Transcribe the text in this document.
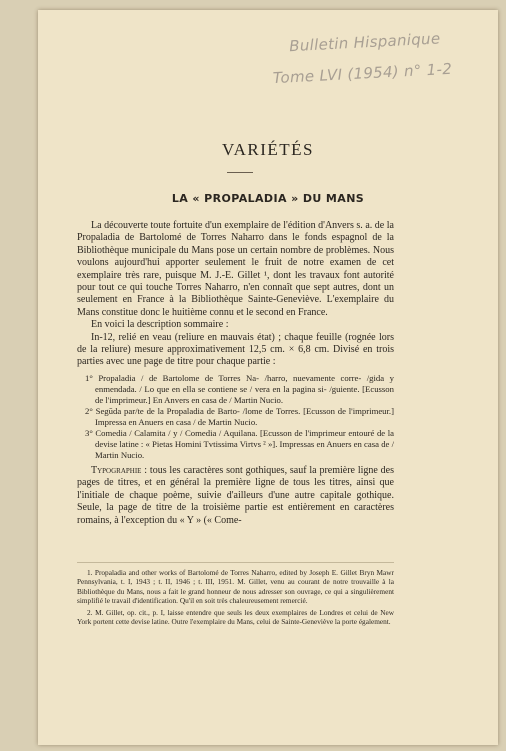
Bulletin Hispanique
Tome LVI (1954) n° 1-2
VARIÉTÉS
LA « PROPALADIA » DU MANS

La découverte toute fortuite d'un exemplaire de l'édition d'Anvers s. a. de la Propaladia de Bartolomé de Torres Naharro dans le fonds espagnol de la Bibliothèque municipale du Mans pose un certain nombre de problèmes. Nous voulons aujourd'hui apporter seulement le fruit de notre examen de cet exemplaire très rare, puisque M. J.-E. Gillet ¹, dont les travaux font autorité pour tout ce qui touche Torres Naharro, n'en connaît que sept autres, dont un seulement en France à la Bibliothèque Sainte-Geneviève. L'exemplaire du Mans constitue donc le huitième connu et le second en France.

En voici la description sommaire :

In-12, relié en veau (reliure en mauvais état) ; chaque feuille (rognée lors de la reliure) mesure approximativement 12,5 cm. × 6,8 cm. Divisé en trois parties avec une page de titre pour chaque partie :

1° Propaladia / de Bartolome de Torres Na- /harro, nuevamente corre- /gida y enmendada. / Lo que en ella se contiene se / vera en la pagina si- /guiente. [Ecusson de l'imprimeur.] En Anvers en casa de / Martin Nucio.
2° Segūda par/te de la Propaladia de Barto- /lome de Torres. [Ecusson de l'imprimeur.] Impressa en Anuers en casa / de Martin Nucio.
3° Comedia / Calamita / y / Comedia / Aquilana. [Ecusson de l'imprimeur entouré de la devise latine : « Pietas Homini Tvtissima Virtvs ² »]. Impressas en Anuers en casa de / Martin Nucio.

Typographie : tous les caractères sont gothiques, sauf la première ligne des pages de titres, et en général la première ligne de tous les titres, ainsi que l'initiale de chaque poème, suivie d'ailleurs d'une autre capitale gothique. Seule, la page de titre de la troisième partie est entièrement en caractères romains, à l'exception du « Y » (« Come-

1. Propaladia and other works of Bartolomé de Torres Naharro, edited by Joseph E. Gillet Bryn Mawr Pennsylvania, t. I, 1943 ; t. II, 1946 ; t. III, 1951. M. Gillet, venu au courant de notre trouvaille à la Bibliothèque du Mans, nous a fait le grand honneur de nous adresser son ouvrage, ce qui a singulièrement simplifié le travail d'identification. Qu'il en soit très chaleureusement remercié.

2. M. Gillet, op. cit., p. I, laisse entendre que seuls les deux exemplaires de Londres et celui de New York portent cette devise latine. Outre l'exemplaire du Mans, celui de Sainte-Geneviève la porte également.
